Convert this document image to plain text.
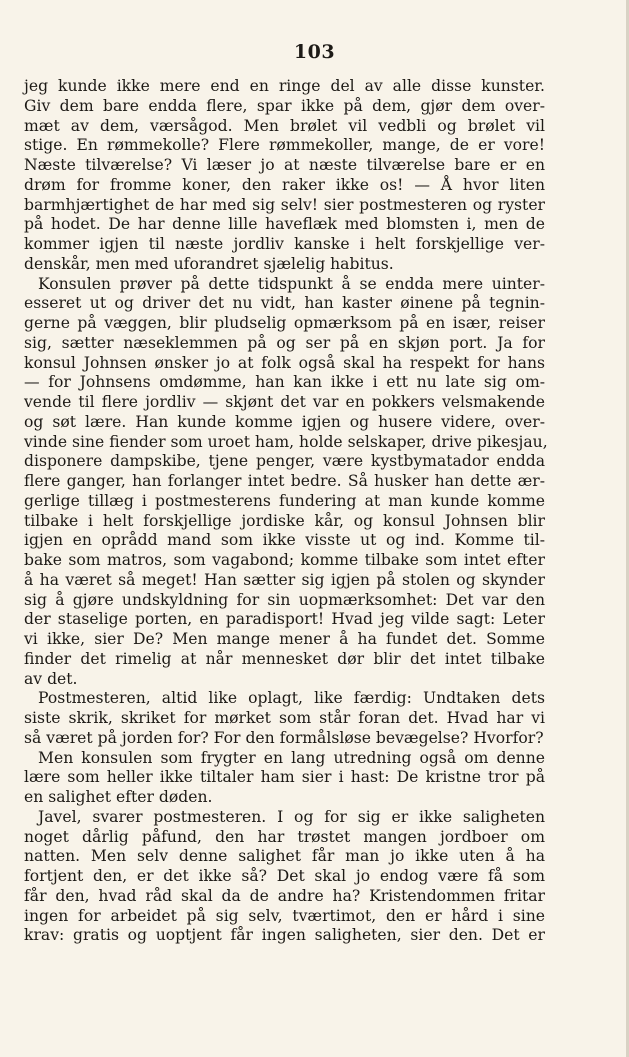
103
jeg kunde ikke mere end en ringe del av alle disse kunster.
Giv dem bare endda flere, spar ikke på dem, gjør dem over-
mæt av dem, værsågod. Men brølet vil vedbli og brølet vil
stige. En rømmekolle? Flere rømmekoller, mange, de er vore!
Næste tilværelse? Vi læser jo at næste tilværelse bare er en
drøm for fromme koner, den raker ikke os! — Å hvor liten
barmhjærtighet de har med sig selv! sier postmesteren og ryster
på hodet. De har denne lille haveflæk med blomsten i, men de
kommer igjen til næste jordliv kanske i helt forskjellige ver-
denskår, men med uforandret sjælelig habitus.
Konsulen prøver på dette tidspunkt å se endda mere uinter-
esseret ut og driver det nu vidt, han kaster øinene på tegnin-
gerne på væggen, blir pludselig opmærksom på en især, reiser
sig, sætter næseklemmen på og ser på en skjøn port. Ja for
konsul Johnsen ønsker jo at folk også skal ha respekt for hans
— for Johnsens omdømme, han kan ikke i ett nu late sig om-
vende til flere jordliv — skjønt det var en pokkers velsmakende
og søt lære. Han kunde komme igjen og husere videre, over-
vinde sine fiender som uroet ham, holde selskaper, drive pikesjau,
disponere dampskibe, tjene penger, være kystbymatador endda
flere ganger, han forlanger intet bedre. Så husker han dette ær-
gerlige tillæg i postmesterens fundering at man kunde komme
tilbake i helt forskjellige jordiske kår, og konsul Johnsen blir
igjen en oprådd mand som ikke visste ut og ind. Komme til-
bake som matros, som vagabond; komme tilbake som intet efter
å ha været så meget! Han sætter sig igjen på stolen og skynder
sig å gjøre undskyldning for sin uopmærksomhet: Det var den
der staselige porten, en paradisport! Hvad jeg vilde sagt: Leter
vi ikke, sier De? Men mange mener å ha fundet det. Somme
finder det rimelig at når mennesket dør blir det intet tilbake
av det.
Postmesteren, altid like oplagt, like færdig: Undtaken dets
siste skrik, skriket for mørket som står foran det. Hvad har vi
så været på jorden for? For den formålsløse bevægelse? Hvorfor?
Men konsulen som frygter en lang utredning også om denne
lære som heller ikke tiltaler ham sier i hast: De kristne tror på
en salighet efter døden.
Javel, svarer postmesteren. I og for sig er ikke saligheten
noget dårlig påfund, den har trøstet mangen jordboer om
natten. Men selv denne salighet får man jo ikke uten å ha
fortjent den, er det ikke så? Det skal jo endog være få som
får den, hvad råd skal da de andre ha? Kristendommen fritar
ingen for arbeidet på sig selv, tværtimot, den er hård i sine
krav: gratis og uoptjent får ingen saligheten, sier den. Det er
